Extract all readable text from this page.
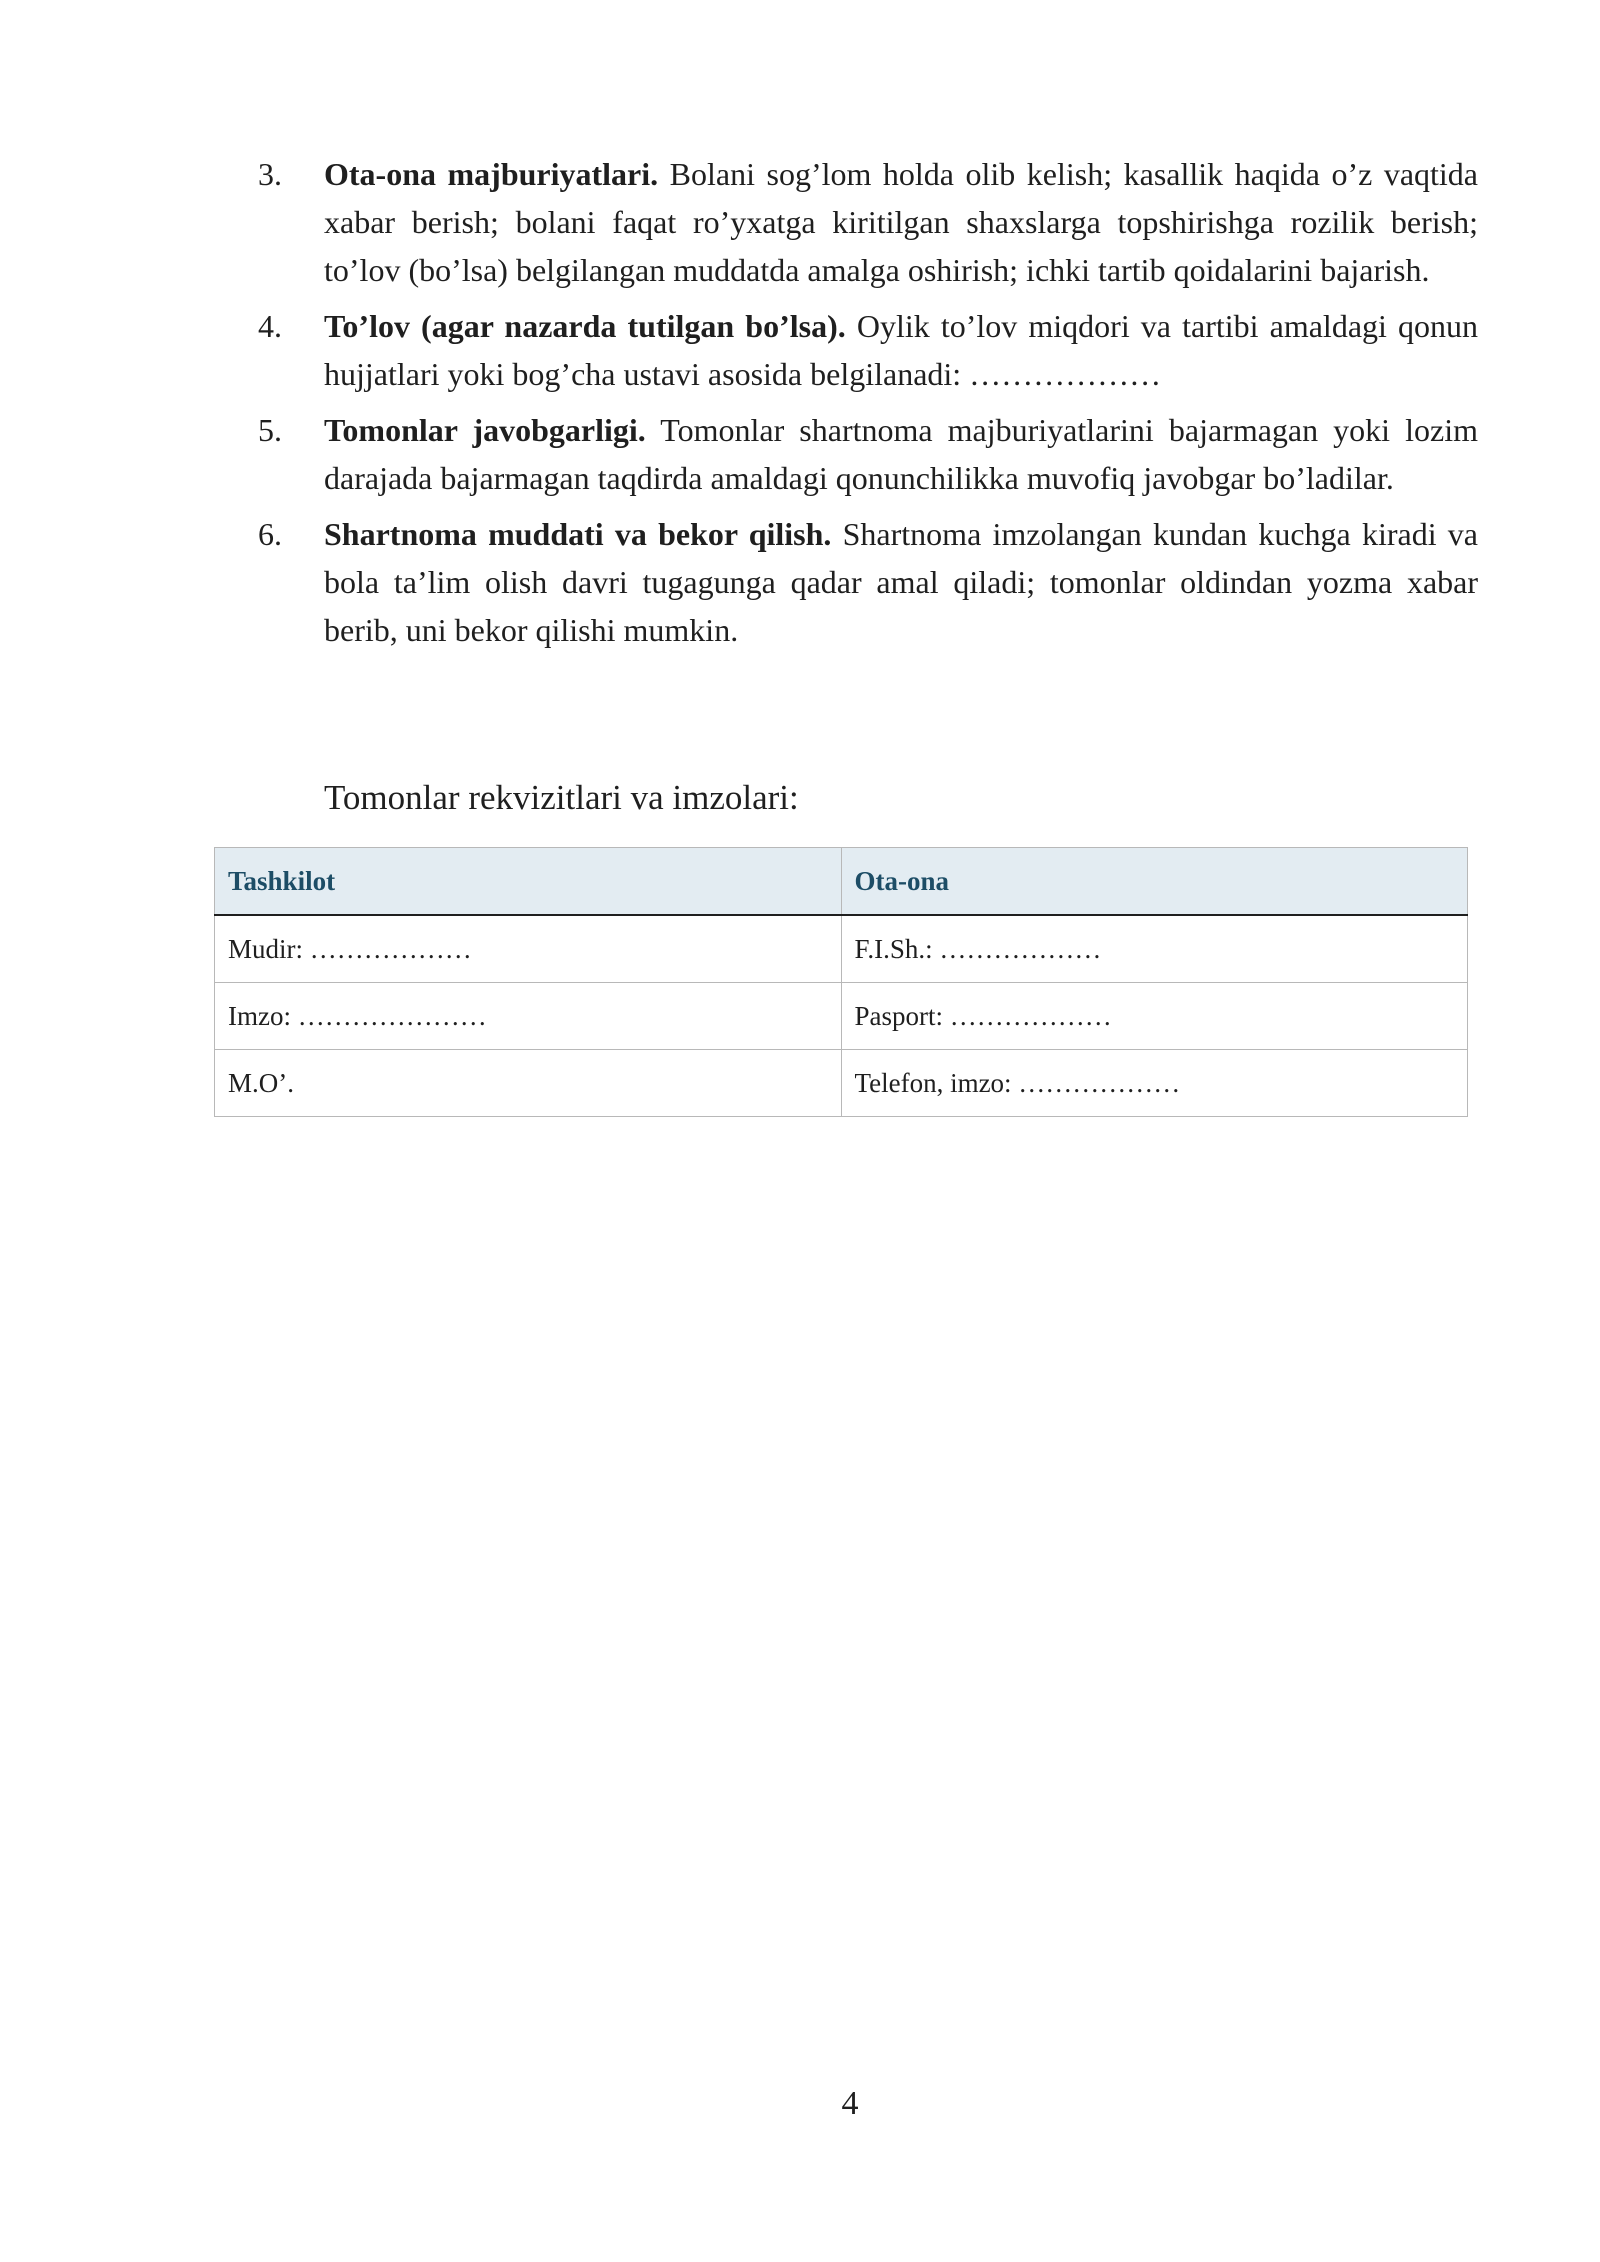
3. Ota-ona majburiyatlari. Bolani sog’lom holda olib kelish; kasallik haqida o’z vaqtida xabar berish; bolani faqat ro’yxatga kiritilgan shaxslarga topshirishga rozilik berish; to’lov (bo’lsa) belgilangan muddatda amalga oshirish; ichki tartib qoidalarini bajarish.
4. To’lov (agar nazarda tutilgan bo’lsa). Oylik to’lov miqdori va tartibi amaldagi qonun hujjatlari yoki bog’cha ustavi asosida belgilanadi: ………………
5. Tomonlar javobgarligi. Tomonlar shartnoma majburiyatlarini bajarmagan yoki lozim darajada bajarmagan taqdirda amaldagi qonunchilikka muvofiq javobgar bo’ladilar.
6. Shartnoma muddati va bekor qilish. Shartnoma imzolangan kundan kuchga kiradi va bola ta’lim olish davri tugagunga qadar amal qiladi; tomonlar oldindan yozma xabar berib, uni bekor qilishi mumkin.
Tomonlar rekvizitlari va imzolari:
Tashkilot	Ota-ona
Mudir: ………………	F.I.Sh.: ………………
Imzo: …………………	Pasport: ………………
M.O’.	Telefon, imzo: ………………
4
